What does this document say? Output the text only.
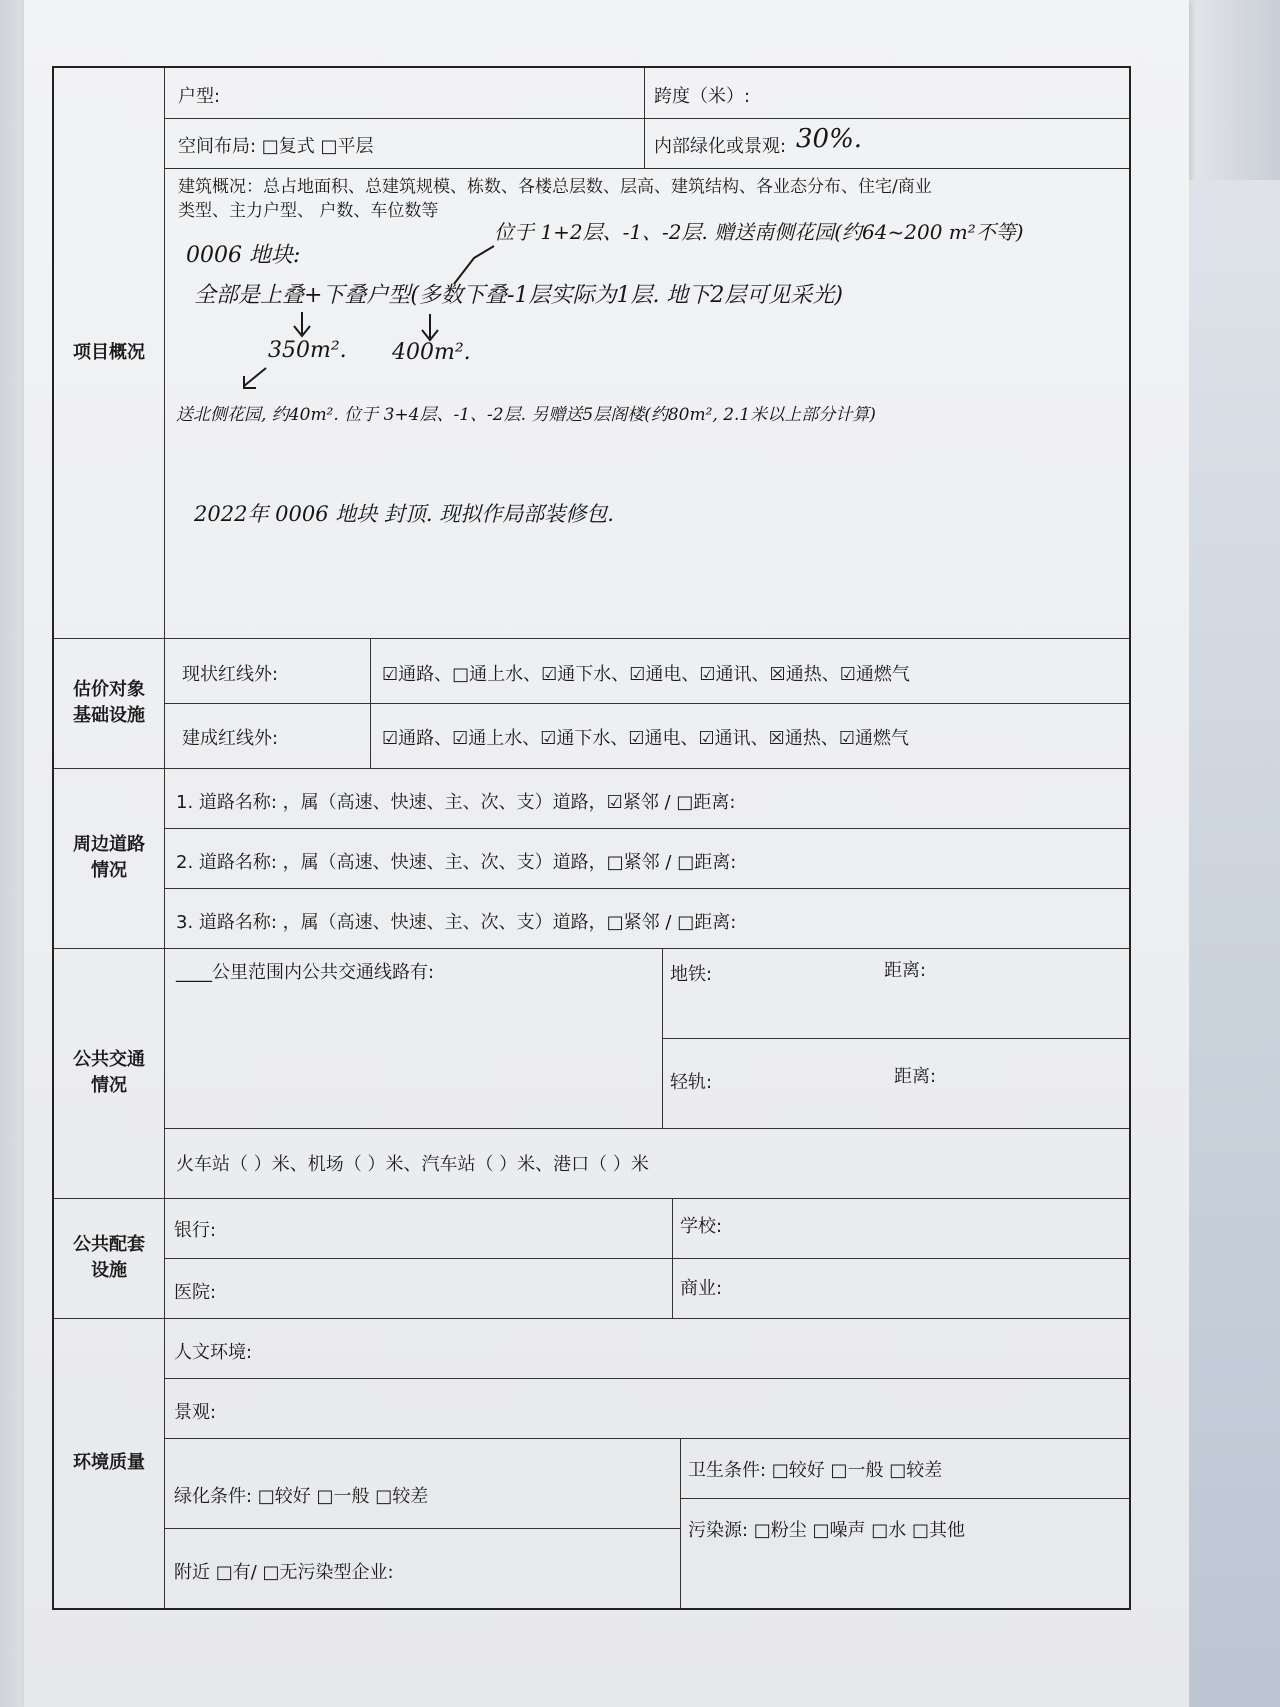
项目概况
户型:	跨度（米）:
空间布局: □复式 □平层	内部绿化或景观: 30%.
建筑概况：总占地面积、总建筑规模、栋数、各楼总层数、层高、建筑结构、各业态分布、住宅/商业
类型、主力户型、 户数、车位数等
0006 地块:
位于 1+2层、-1、-2层. 赠送南侧花园(约64~200 m²不等)
全部是上叠+下叠户型(多数下叠-1层实际为1层. 地下2层可见采光)
350m². 400m².
送北侧花园, 约40m². 位于 3+4层、-1、-2层. 另赠送5层阁楼(约80m², 2.1米以上部分计算)
2022年 0006 地块 封顶. 现拟作局部装修包.
估价对象
基础设施
现状红线外:	☑通路、□通上水、☑通下水、☑通电、☑通讯、☒通热、☑通燃气
建成红线外:	☑通路、☑通上水、☑通下水、☑通电、☑通讯、☒通热、☑通燃气
周边道路
情况
1. 道路名称: ，属（高速、快速、主、次、支）道路，☑紧邻 / □距离:
2. 道路名称: ，属（高速、快速、主、次、支）道路，□紧邻 / □距离:
3. 道路名称: ，属（高速、快速、主、次、支）道路，□紧邻 / □距离:
公共交通
情况
____公里范围内公共交通线路有:	地铁:	距离:
轻轨:	距离:
火车站（ ）米、机场（ ）米、汽车站（ ）米、港口（ ）米
公共配套
设施
银行:	学校:
医院:	商业:
环境质量
人文环境:
景观:
卫生条件: □较好 □一般 □较差
绿化条件: □较好 □一般 □较差
污染源: □粉尘 □噪声 □水 □其他
附近 □有/ □无污染型企业:
